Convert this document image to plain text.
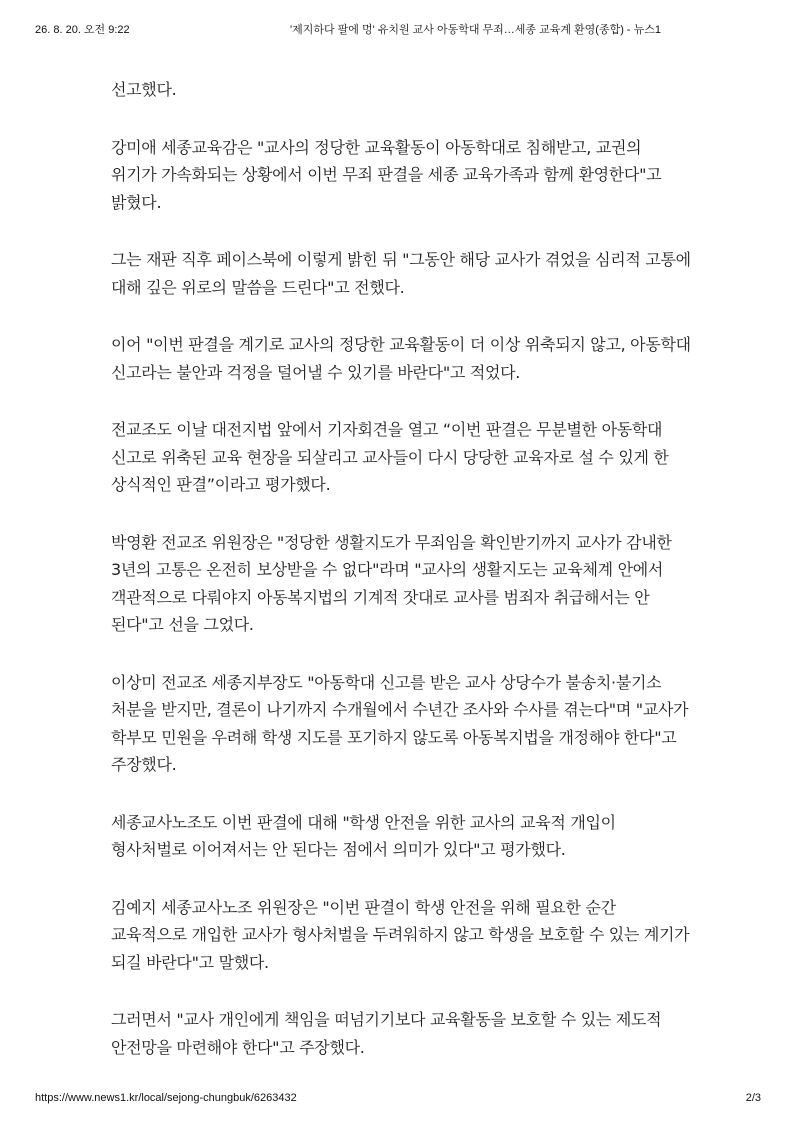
26. 8. 20. 오전 9:22	'제지하다 팔에 멍' 유치원 교사 아동학대 무죄…세종 교육계 환영(종합) - 뉴스1

선고했다.

강미애 세종교육감은 "교사의 정당한 교육활동이 아동학대로 침해받고, 교권의 위기가 가속화되는 상황에서 이번 무죄 판결을 세종 교육가족과 함께 환영한다"고 밝혔다.

그는 재판 직후 페이스북에 이렇게 밝힌 뒤 "그동안 해당 교사가 겪었을 심리적 고통에 대해 깊은 위로의 말씀을 드린다"고 전했다.

이어 "이번 판결을 계기로 교사의 정당한 교육활동이 더 이상 위축되지 않고, 아동학대 신고라는 불안과 걱정을 덜어낼 수 있기를 바란다"고 적었다.

전교조도 이날 대전지법 앞에서 기자회견을 열고 “이번 판결은 무분별한 아동학대 신고로 위축된 교육 현장을 되살리고 교사들이 다시 당당한 교육자로 설 수 있게 한 상식적인 판결”이라고 평가했다.

박영환 전교조 위원장은 "정당한 생활지도가 무죄임을 확인받기까지 교사가 감내한 3년의 고통은 온전히 보상받을 수 없다"라며 "교사의 생활지도는 교육체계 안에서 객관적으로 다뤄야지 아동복지법의 기계적 잣대로 교사를 범죄자 취급해서는 안 된다"고 선을 그었다.

이상미 전교조 세종지부장도 "아동학대 신고를 받은 교사 상당수가 불송치·불기소 처분을 받지만, 결론이 나기까지 수개월에서 수년간 조사와 수사를 겪는다"며 "교사가 학부모 민원을 우려해 학생 지도를 포기하지 않도록 아동복지법을 개정해야 한다"고 주장했다.

세종교사노조도 이번 판결에 대해 "학생 안전을 위한 교사의 교육적 개입이 형사처벌로 이어져서는 안 된다는 점에서 의미가 있다"고 평가했다.

김예지 세종교사노조 위원장은 "이번 판결이 학생 안전을 위해 필요한 순간 교육적으로 개입한 교사가 형사처벌을 두려워하지 않고 학생을 보호할 수 있는 계기가 되길 바란다"고 말했다.

그러면서 "교사 개인에게 책임을 떠넘기기보다 교육활동을 보호할 수 있는 제도적 안전망을 마련해야 한다"고 주장했다.

https://www.news1.kr/local/sejong-chungbuk/6263432	2/3
